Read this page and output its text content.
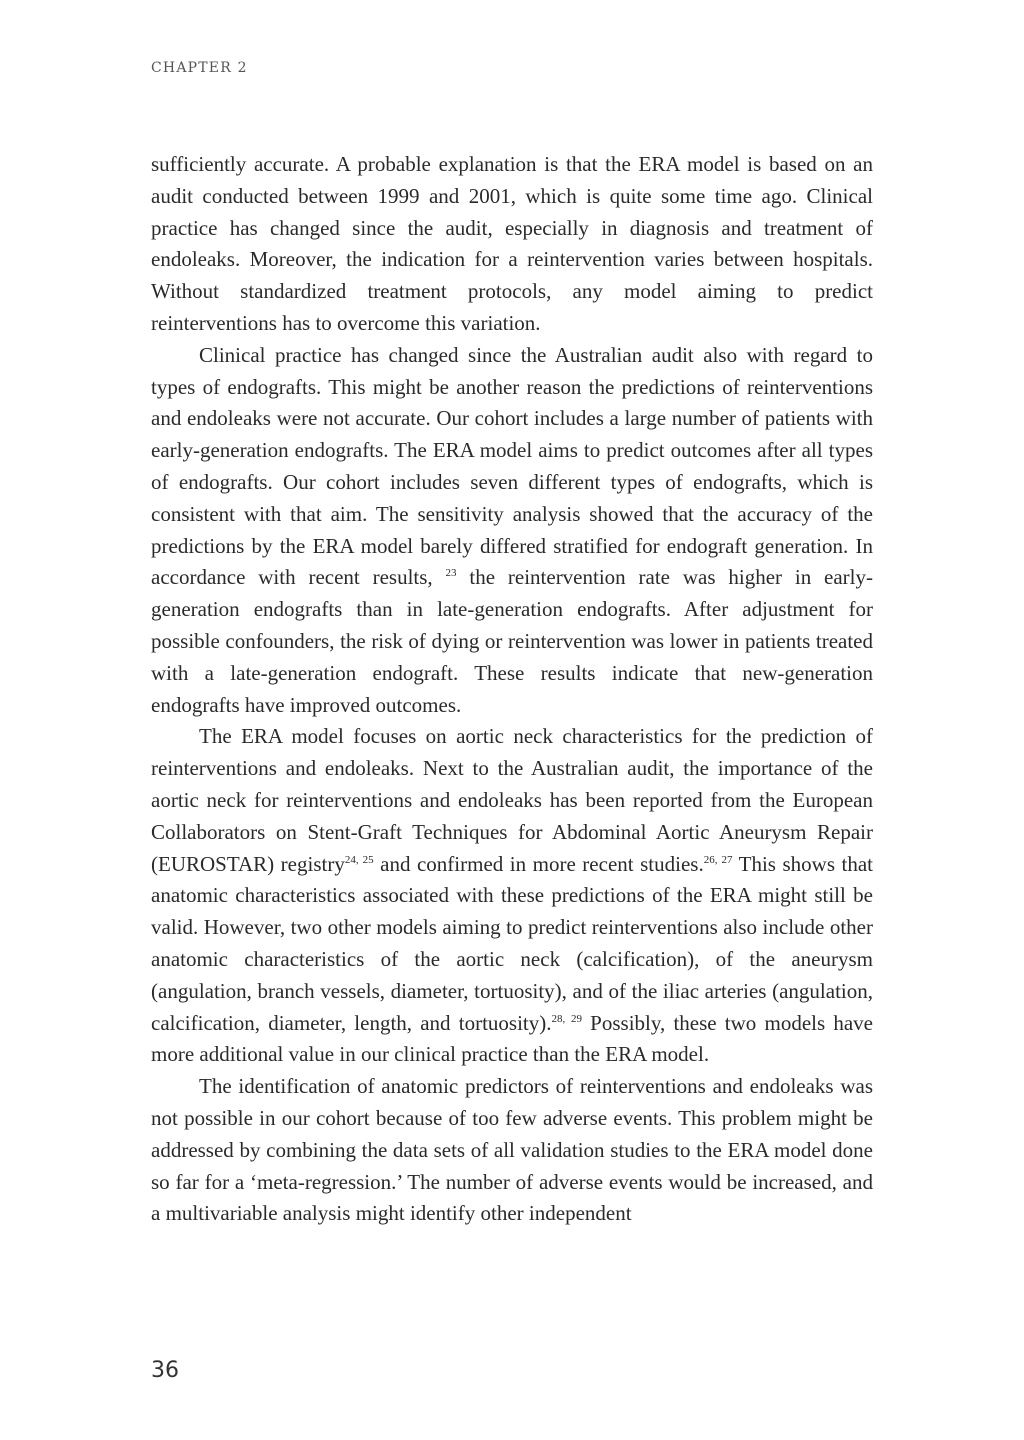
CHAPTER 2

sufficiently accurate. A probable explanation is that the ERA model is based on an audit conducted between 1999 and 2001, which is quite some time ago. Clinical practice has changed since the audit, especially in diagnosis and treatment of endoleaks. Moreover, the indication for a reintervention varies between hospitals. Without standardized treatment protocols, any model aiming to predict reinterventions has to overcome this variation.

Clinical practice has changed since the Australian audit also with regard to types of endografts. This might be another reason the predictions of reinterventions and endoleaks were not accurate. Our cohort includes a large number of patients with early-generation endografts. The ERA model aims to predict outcomes after all types of endografts. Our cohort includes seven different types of endografts, which is consistent with that aim. The sensitivity analysis showed that the accuracy of the predictions by the ERA model barely differed stratified for endograft generation. In accordance with recent results, $^{23}$ the reintervention rate was higher in early-generation endografts than in late-generation endografts. After adjustment for possible confounders, the risk of dying or reintervention was lower in patients treated with a late-generation endograft. These results indicate that new-generation endografts have improved outcomes.

The ERA model focuses on aortic neck characteristics for the prediction of reinterventions and endoleaks. Next to the Australian audit, the importance of the aortic neck for reinterventions and endoleaks has been reported from the European Collaborators on Stent-Graft Techniques for Abdominal Aortic Aneurysm Repair (EUROSTAR) registry$^{24, 25}$ and confirmed in more recent studies.$^{26, 27}$ This shows that anatomic characteristics associated with these predictions of the ERA might still be valid. However, two other models aiming to predict reinterventions also include other anatomic characteristics of the aortic neck (calcification), of the aneurysm (angulation, branch vessels, diameter, tortuosity), and of the iliac arteries (angulation, calcification, diameter, length, and tortuosity).$^{28, 29}$ Possibly, these two models have more additional value in our clinical practice than the ERA model.

The identification of anatomic predictors of reinterventions and endoleaks was not possible in our cohort because of too few adverse events. This problem might be addressed by combining the data sets of all validation studies to the ERA model done so far for a ‘meta-regression.’ The number of adverse events would be increased, and a multivariable analysis might identify other independent

36
